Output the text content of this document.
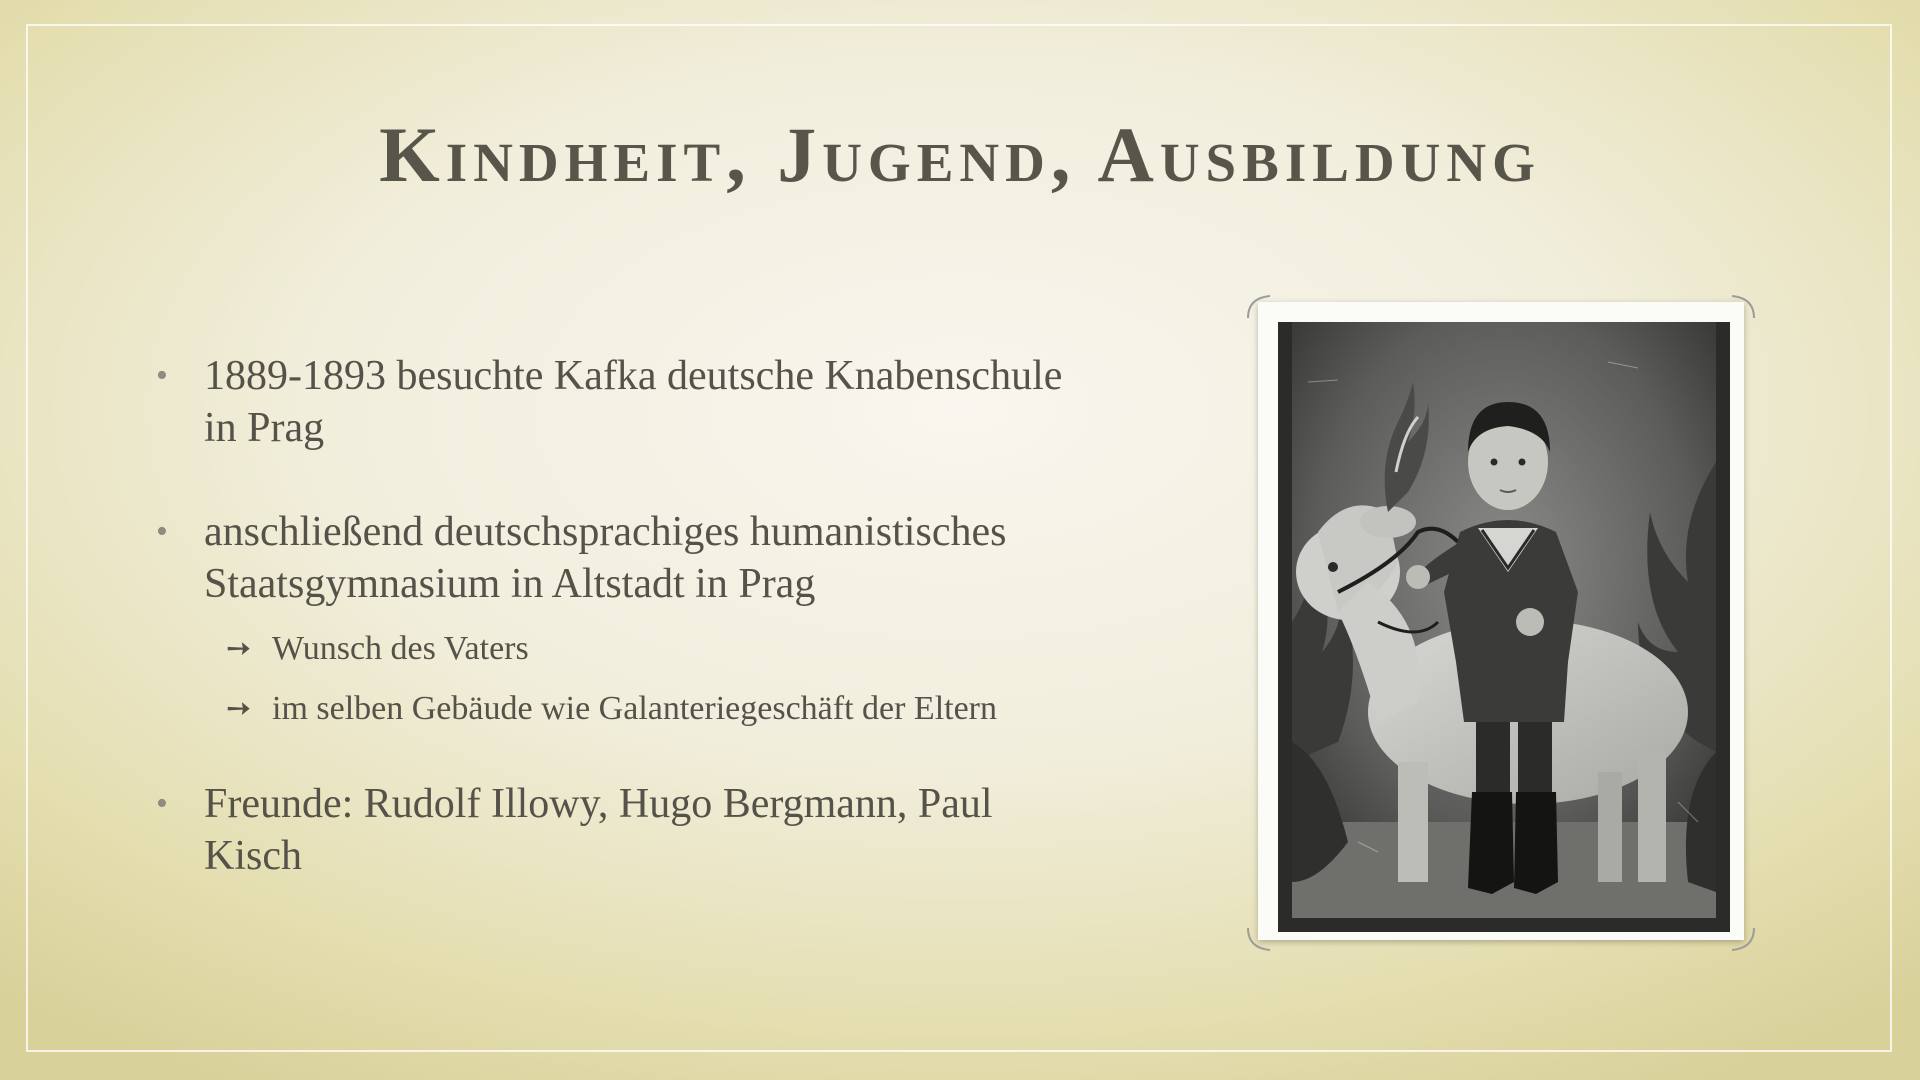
Kindheit, Jugend, Ausbildung
• 1889-1893 besuchte Kafka deutsche Knabenschule
in Prag
• anschließend deutschsprachiges humanistisches
Staatsgymnasium in Altstadt in Prag
➙ Wunsch des Vaters
➙ im selben Gebäude wie Galanteriegeschäft der Eltern
• Freunde: Rudolf Illowy, Hugo Bergmann, Paul
Kisch
